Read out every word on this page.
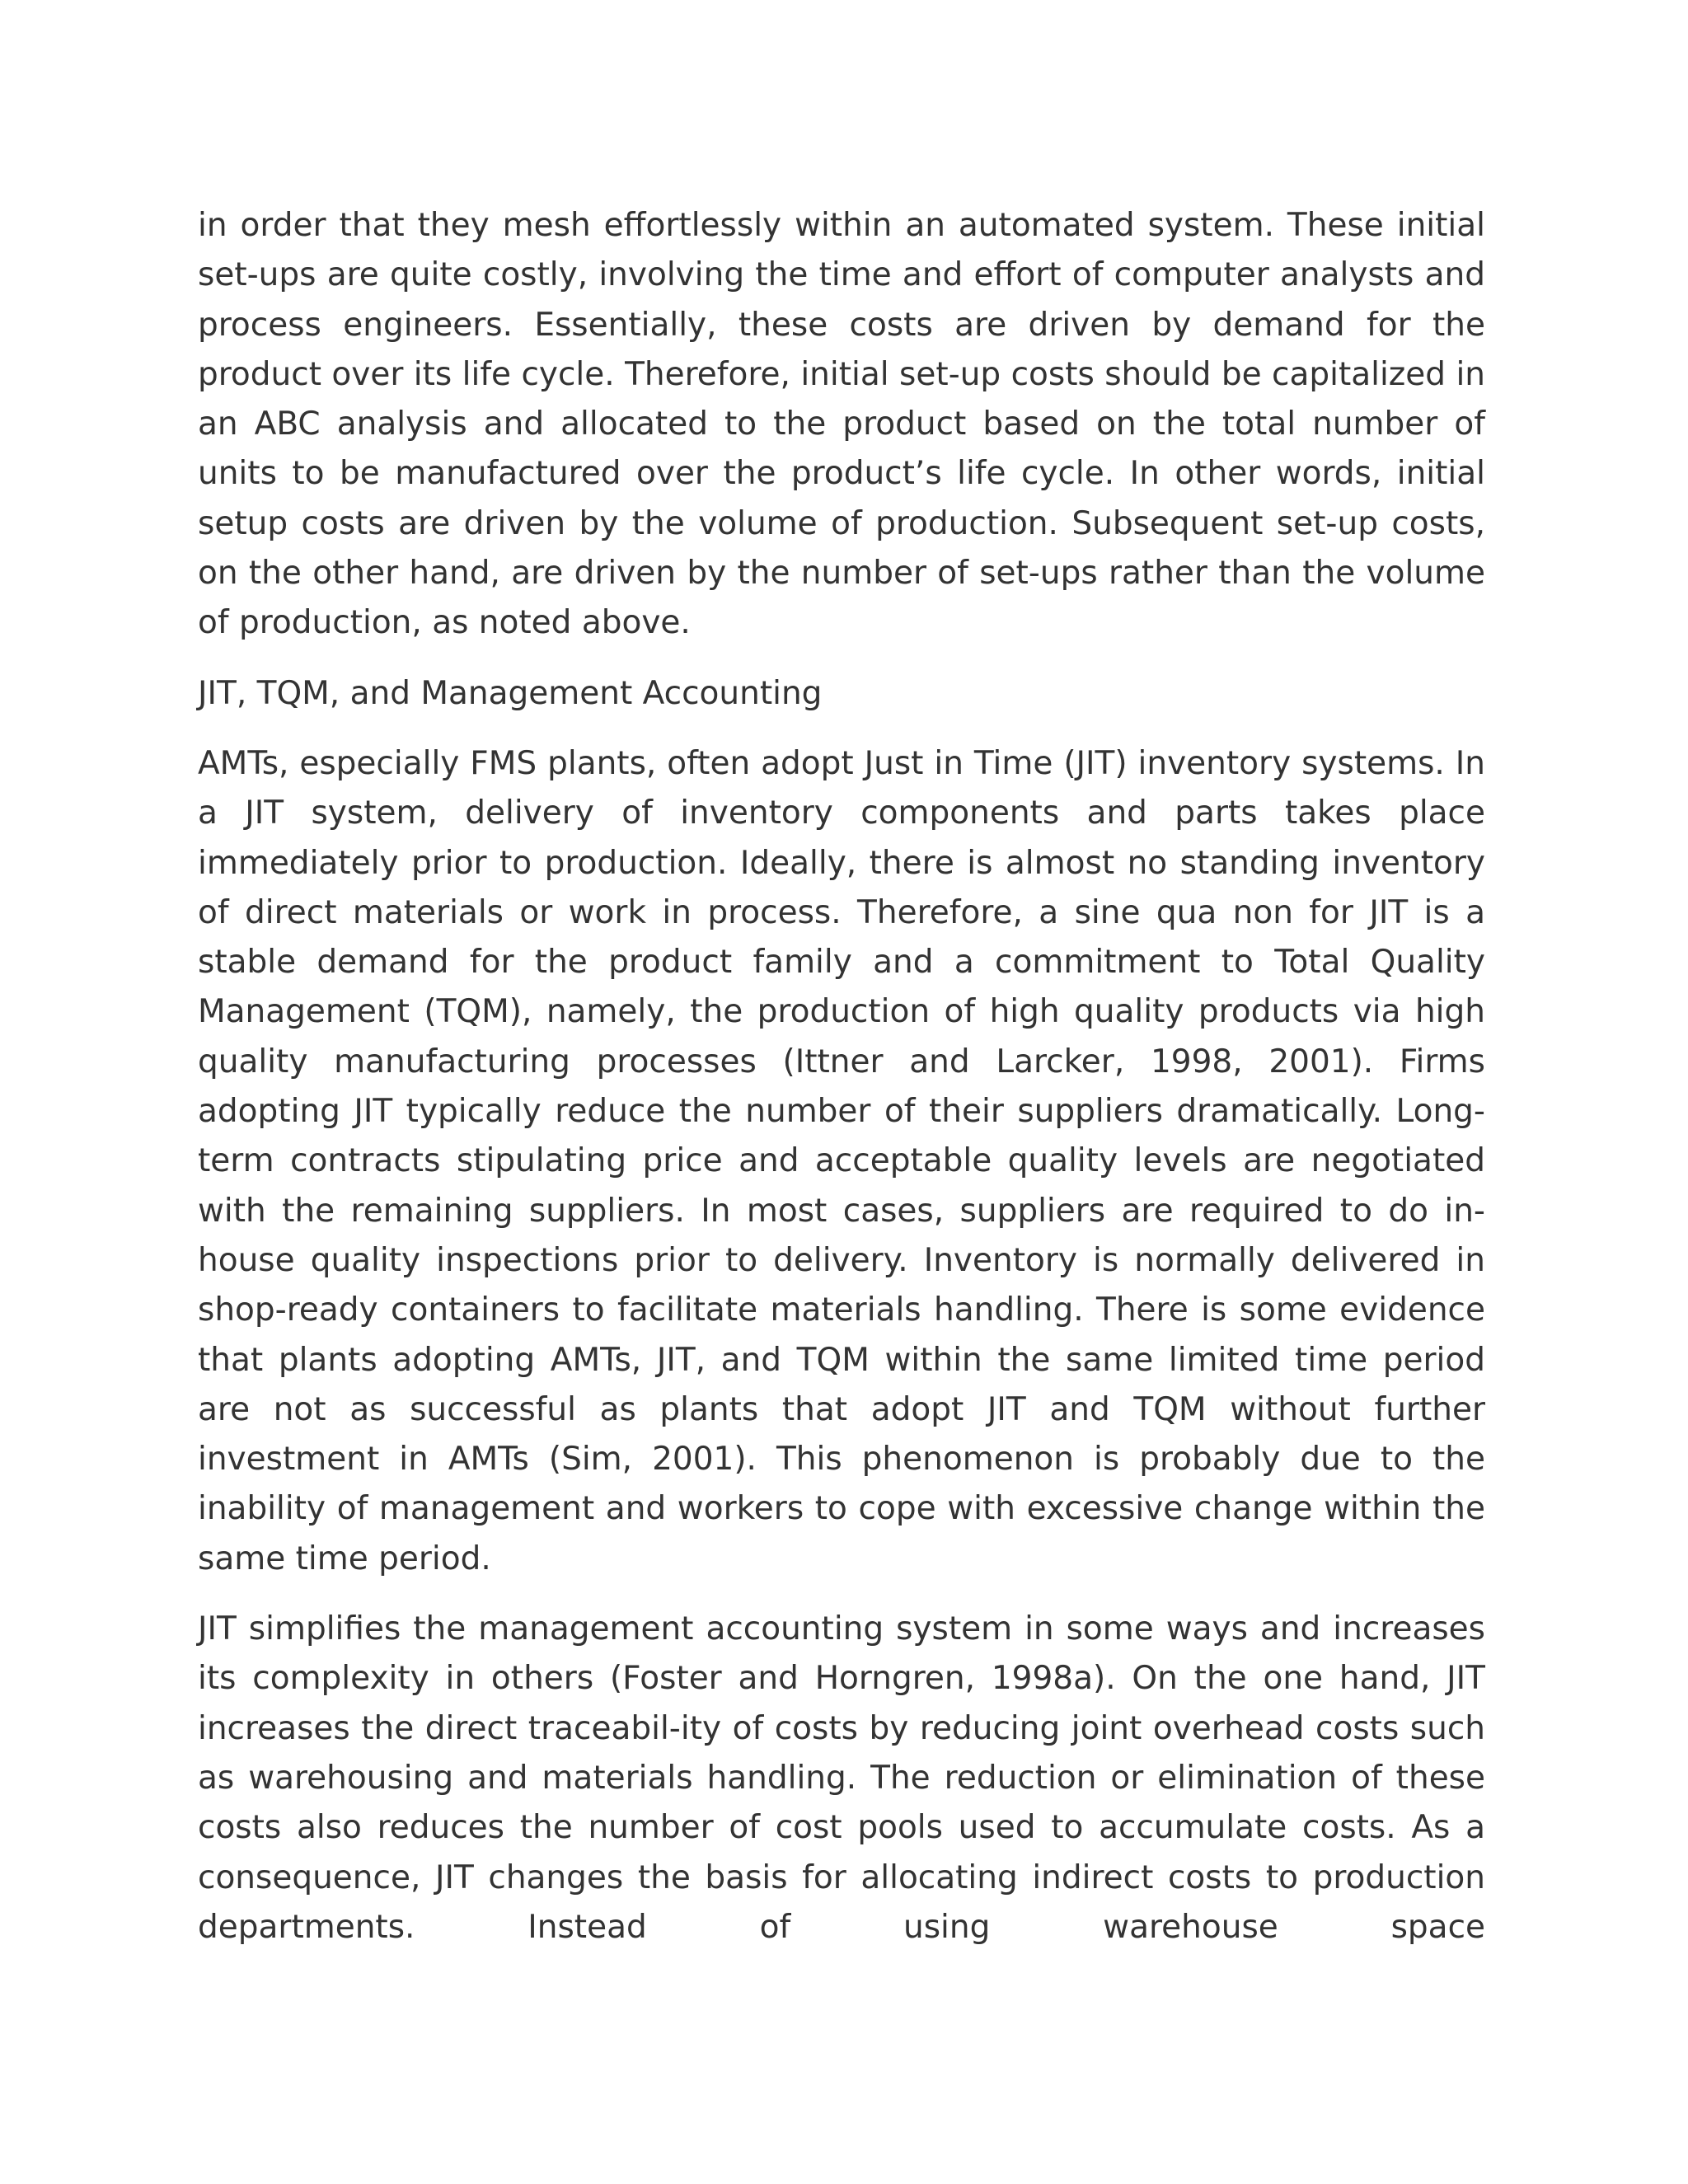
in order that they mesh effortlessly within an automated system. These initial set-ups are quite costly, involving the time and effort of computer analysts and process engineers. Essentially, these costs are driven by demand for the product over its life cycle. Therefore, initial set-up costs should be capitalized in an ABC analysis and allocated to the product based on the total number of units to be manufactured over the product’s life cycle. In other words, initial setup costs are driven by the volume of production. Subsequent set-up costs, on the other hand, are driven by the number of set-ups rather than the volume of production, as noted above.

JIT, TQM, and Management Accounting

AMTs, especially FMS plants, often adopt Just in Time (JIT) inventory systems. In a JIT system, delivery of inventory components and parts takes place immediately prior to production. Ideally, there is almost no standing inventory of direct materials or work in process. Therefore, a sine qua non for JIT is a stable demand for the product family and a commitment to Total Quality Management (TQM), namely, the production of high quality products via high quality manufacturing processes (Ittner and Larcker, 1998, 2001). Firms adopting JIT typically reduce the number of their suppliers dramatically. Long-term contracts stipulating price and acceptable quality levels are negotiated with the remaining suppliers. In most cases, suppliers are required to do in-house quality inspections prior to delivery. Inventory is normally delivered in shop-ready containers to facilitate materials handling. There is some evidence that plants adopting AMTs, JIT, and TQM within the same limited time period are not as successful as plants that adopt JIT and TQM without further investment in AMTs (Sim, 2001). This phenomenon is probably due to the inability of management and workers to cope with excessive change within the same time period.

JIT simplifies the management accounting system in some ways and increases its complexity in others (Foster and Horngren, 1998a). On the one hand, JIT increases the direct traceabil-ity of costs by reducing joint overhead costs such as warehousing and materials handling. The reduction or elimination of these costs also reduces the number of cost pools used to accumulate costs. As a consequence, JIT changes the basis for allocating indirect costs to production departments. Instead of using warehouse space
